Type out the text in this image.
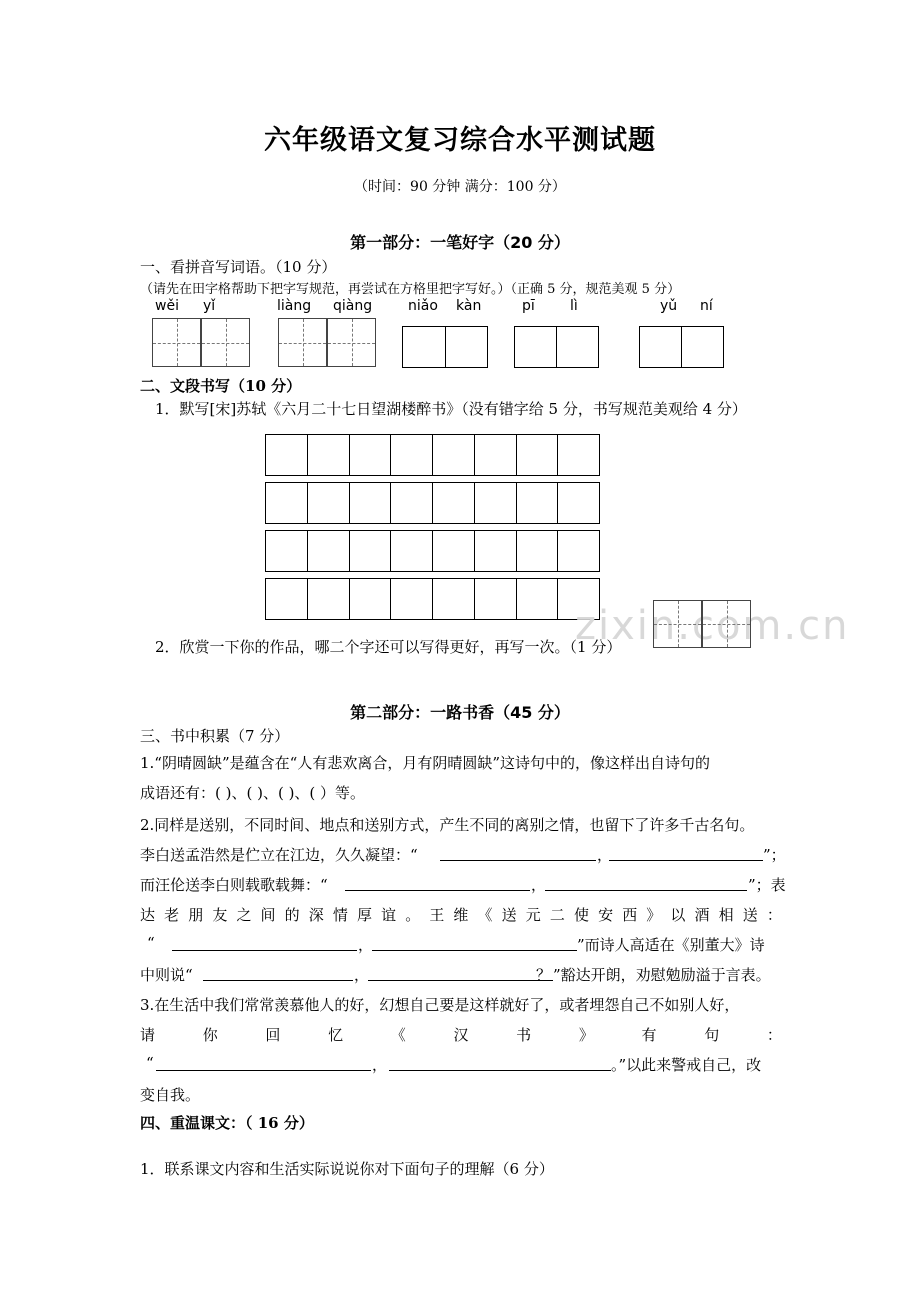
六年级语文复习综合水平测试题
（时间：90 分钟 满分：100 分）
第一部分：一笔好字（20 分）
一、看拼音写词语。（10 分）
（请先在田字格帮助下把字写规范，再尝试在方格里把字写好。）（正确 5 分，规范美观 5 分）
wěi yǐ	liàng qiàng	niǎo kàn	pī	lì	yǔ ní
二、文段书写（10 分）
1．默写[宋]苏轼《六月二十七日望湖楼醉书》（没有错字给 5 分，书写规范美观给 4 分）
zixin.com.cn
2．欣赏一下你的作品，哪二个字还可以写得更好，再写一次。（1 分）
第二部分：一路书香（45 分）
三、书中积累（7 分）
1.“阴晴圆缺”是蕴含在“人有悲欢离合，月有阴晴圆缺”这诗句中的，像这样出自诗句的
成语还有：( )、( )、( )、( ）等。
2.同样是送别，不同时间、地点和送别方式，产生不同的离别之情，也留下了许多千古名句。
李白送孟浩然是伫立在江边，久久凝望：“	，	”；
而汪伦送李白则载歌载舞：“	，	”；表
达 老 朋 友 之 间 的 深 情 厚 谊 。 王 维 《 送 元 二 使 安 西 》 以 酒 相 送 ：
“	，	”而诗人高适在《别董大》诗
中则说“	，	？ ”豁达开朗，劝慰勉励溢于言表。
3.在生活中我们常常羡慕他人的好，幻想自己要是这样就好了，或者埋怨自己不如别人好，
请	你	回	忆	《	汉	书	》	有	句	：
“	，	。”以此来警戒自己，改
变自我。
四、重温课文：（ 16 分）
1．联系课文内容和生活实际说说你对下面句子的理解（6 分）
